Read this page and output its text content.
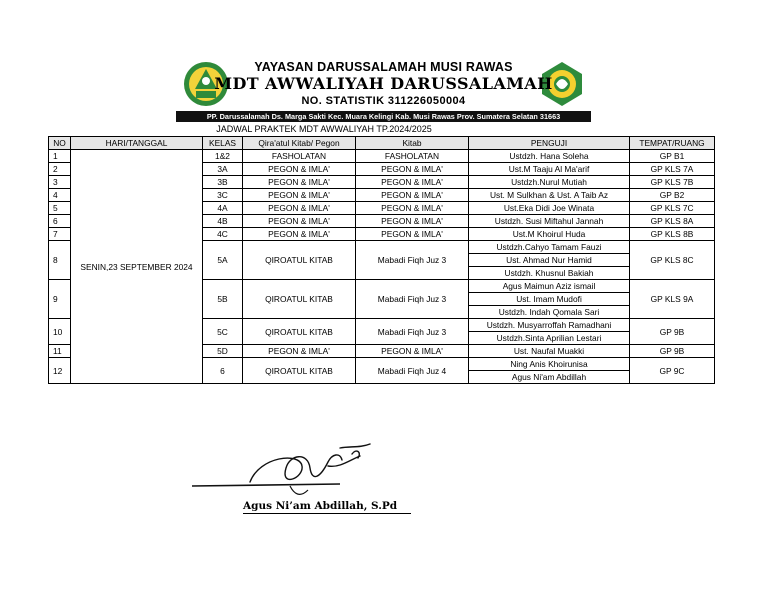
YAYASAN DARUSSALAMAH MUSI RAWAS
MDT AWWALIYAH DARUSSALAMAH
NO. STATISTIK 311226050004
PP. Darussalamah Ds. Marga Sakti Kec. Muara Kelingi Kab. Musi Rawas Prov. Sumatera Selatan 31663
JADWAL PRAKTEK MDT AWWALIYAH TP.2024/2025
NO	HARI/TANGGAL	KELAS	Qira'atul Kitab/ Pegon	Kitab	PENGUJI	TEMPAT/RUANG
1	SENIN,23 SEPTEMBER 2024	1&2	FASHOLATAN	FASHOLATAN	Ustdzh. Hana Soleha	GP B1
2		3A	PEGON & IMLA'	PEGON & IMLA'	Ust.M Taaju Al Ma'arif	GP KLS 7A
3		3B	PEGON & IMLA'	PEGON & IMLA'	Ustdzh.Nurul Mutiah	GP KLS 7B
4		3C	PEGON & IMLA'	PEGON & IMLA'	Ust. M Sulkhan & Ust. A Taib Az	GP B2
5		4A	PEGON & IMLA'	PEGON & IMLA'	Ust.Eka Didi Joe Winata	GP KLS 7C
6		4B	PEGON & IMLA'	PEGON & IMLA'	Ustdzh. Susi Miftahul Jannah	GP KLS 8A
7		4C	PEGON & IMLA'	PEGON & IMLA'	Ust.M Khoirul Huda	GP KLS 8B
8		5A	QIROATUL KITAB	Mabadi Fiqh Juz 3	Ustdzh.Cahyo Tamam Fauzi	GP KLS 8C
					Ust. Ahmad Nur Hamid	
					Ustdzh. Khusnul Bakiah	
9		5B	QIROATUL KITAB	Mabadi Fiqh Juz 3	Agus Maimun Aziz ismail	GP KLS 9A
					Ust. Imam Mudofi	
					Ustdzh. Indah Qomala Sari	
10		5C	QIROATUL KITAB	Mabadi Fiqh Juz 3	Ustdzh. Musyarroffah Ramadhani	GP 9B
					Ustdzh.Sinta Aprilian Lestari	
11		5D	PEGON & IMLA'	PEGON & IMLA'	Ust. Naufal Muakki	GP 9B
12		6	QIROATUL KITAB	Mabadi Fiqh Juz 4	Ning Anis Khoirunisa	GP 9C
					Agus Ni'am Abdillah	
Agus Ni’am Abdillah, S.Pd
